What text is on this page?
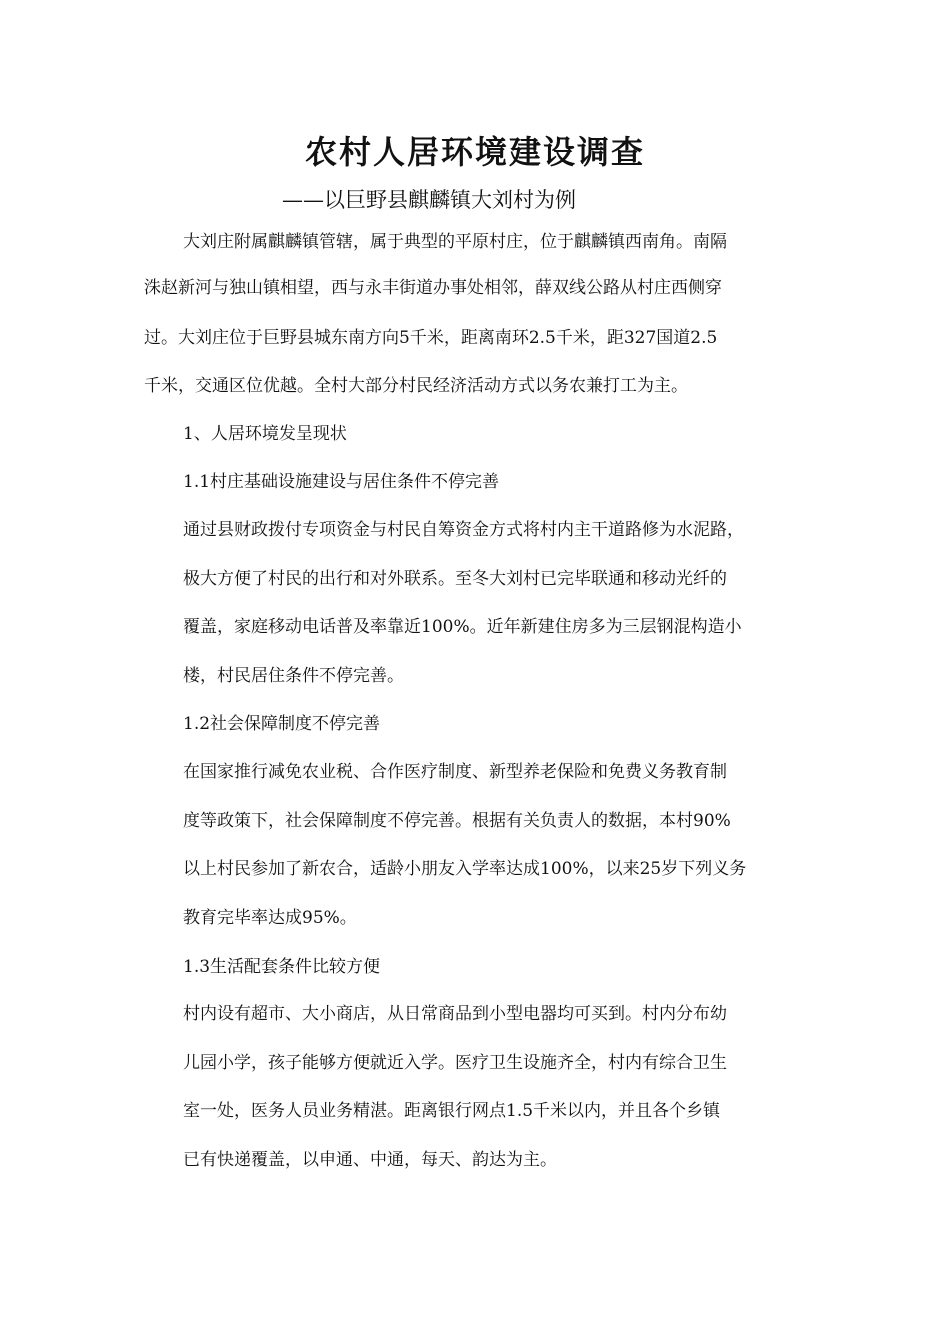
农村人居环境建设调查
——以巨野县麒麟镇大刘村为例
大刘庄附属麒麟镇管辖，属于典型的平原村庄，位于麒麟镇西南角。南隔
洙赵新河与独山镇相望，西与永丰街道办事处相邻，薛双线公路从村庄西侧穿
过。大刘庄位于巨野县城东南方向5千米，距离南环2.5千米，距327国道2.5
千米，交通区位优越。全村大部分村民经济活动方式以务农兼打工为主。
1、人居环境发呈现状
1.1村庄基础设施建设与居住条件不停完善
通过县财政拨付专项资金与村民自筹资金方式将村内主干道路修为水泥路，
极大方便了村民的出行和对外联系。至冬大刘村已完毕联通和移动光纤的
覆盖，家庭移动电话普及率靠近100%。近年新建住房多为三层钢混构造小
楼，村民居住条件不停完善。
1.2社会保障制度不停完善
在国家推行减免农业税、合作医疗制度、新型养老保险和免费义务教育制
度等政策下，社会保障制度不停完善。根据有关负责人的数据，本村90%
以上村民参加了新农合，适龄小朋友入学率达成100%，以来25岁下列义务
教育完毕率达成95%。
1.3生活配套条件比较方便
村内设有超市、大小商店，从日常商品到小型电器均可买到。村内分布幼
儿园小学，孩子能够方便就近入学。医疗卫生设施齐全，村内有综合卫生
室一处，医务人员业务精湛。距离银行网点1.5千米以内，并且各个乡镇
已有快递覆盖，以申通、中通，每天、韵达为主。
